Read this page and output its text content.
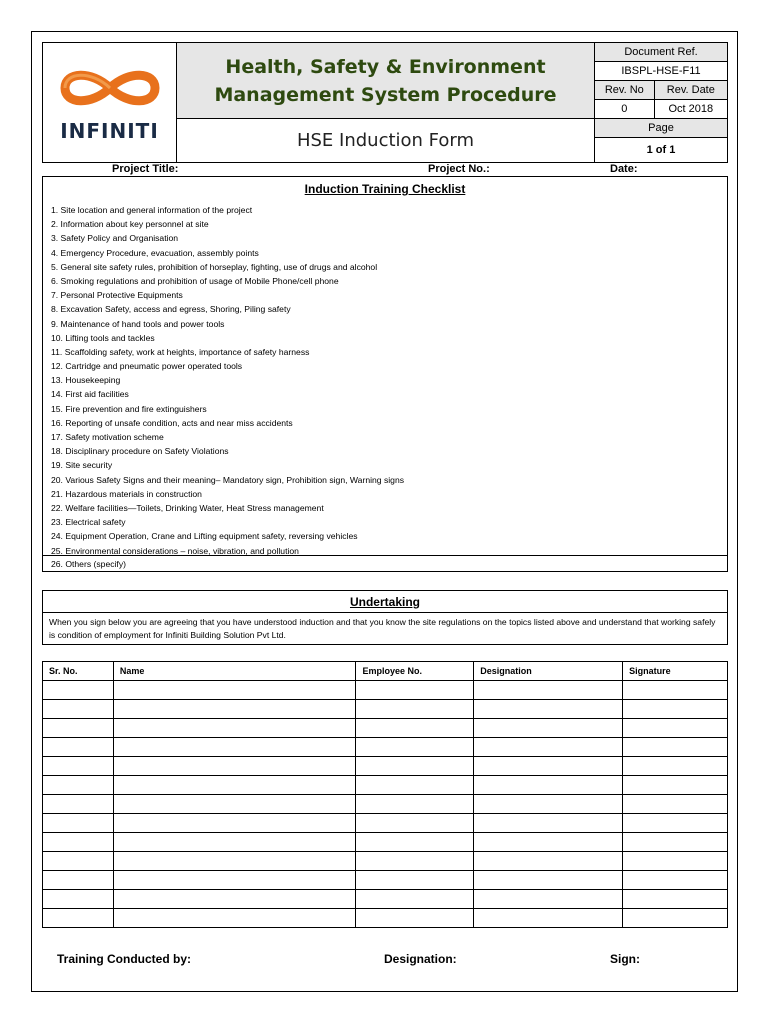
INFINITI	Health, Safety & Environment
Management System Procedure	Document Ref.	
		IBSPL-HSE-F11	
		Rev. No	Rev. Date
		0	Oct 2018
	HSE Induction Form	Page	
		1 of 1	
Project Title:	Project No.:	Date:
Induction Training Checklist
1. Site location and general information of the project
2. Information about key personnel at site
3. Safety Policy and Organisation
4. Emergency Procedure, evacuation, assembly points
5. General site safety rules, prohibition of horseplay, fighting, use of drugs and alcohol
6. Smoking regulations and prohibition of usage of Mobile Phone/cell phone
7. Personal Protective Equipments
8. Excavation Safety, access and egress, Shoring, Piling safety
9. Maintenance of hand tools and power tools
10. Lifting tools and tackles
11. Scaffolding safety, work at heights, importance of safety harness
12. Cartridge and pneumatic power operated tools
13. Housekeeping
14. First aid facilities
15. Fire prevention and fire extinguishers
16. Reporting of unsafe condition, acts and near miss accidents
17. Safety motivation scheme
18. Disciplinary procedure on Safety Violations
19. Site security
20. Various Safety Signs and their meaning– Mandatory sign, Prohibition sign, Warning signs
21. Hazardous materials in construction
22. Welfare facilities—Toilets, Drinking Water, Heat Stress management
23. Electrical safety
24. Equipment Operation, Crane and Lifting equipment safety, reversing vehicles
25. Environmental considerations – noise, vibration, and pollution
26. Others (specify)
Undertaking
When you sign below you are agreeing that you have understood induction and that you know the site regulations on the topics listed above and understand that working safely is condition of employment for Infiniti Building Solution Pvt Ltd.
Sr. No.	Name	Employee No.	Designation	Signature

Training Conducted by:	Designation:	Sign:
